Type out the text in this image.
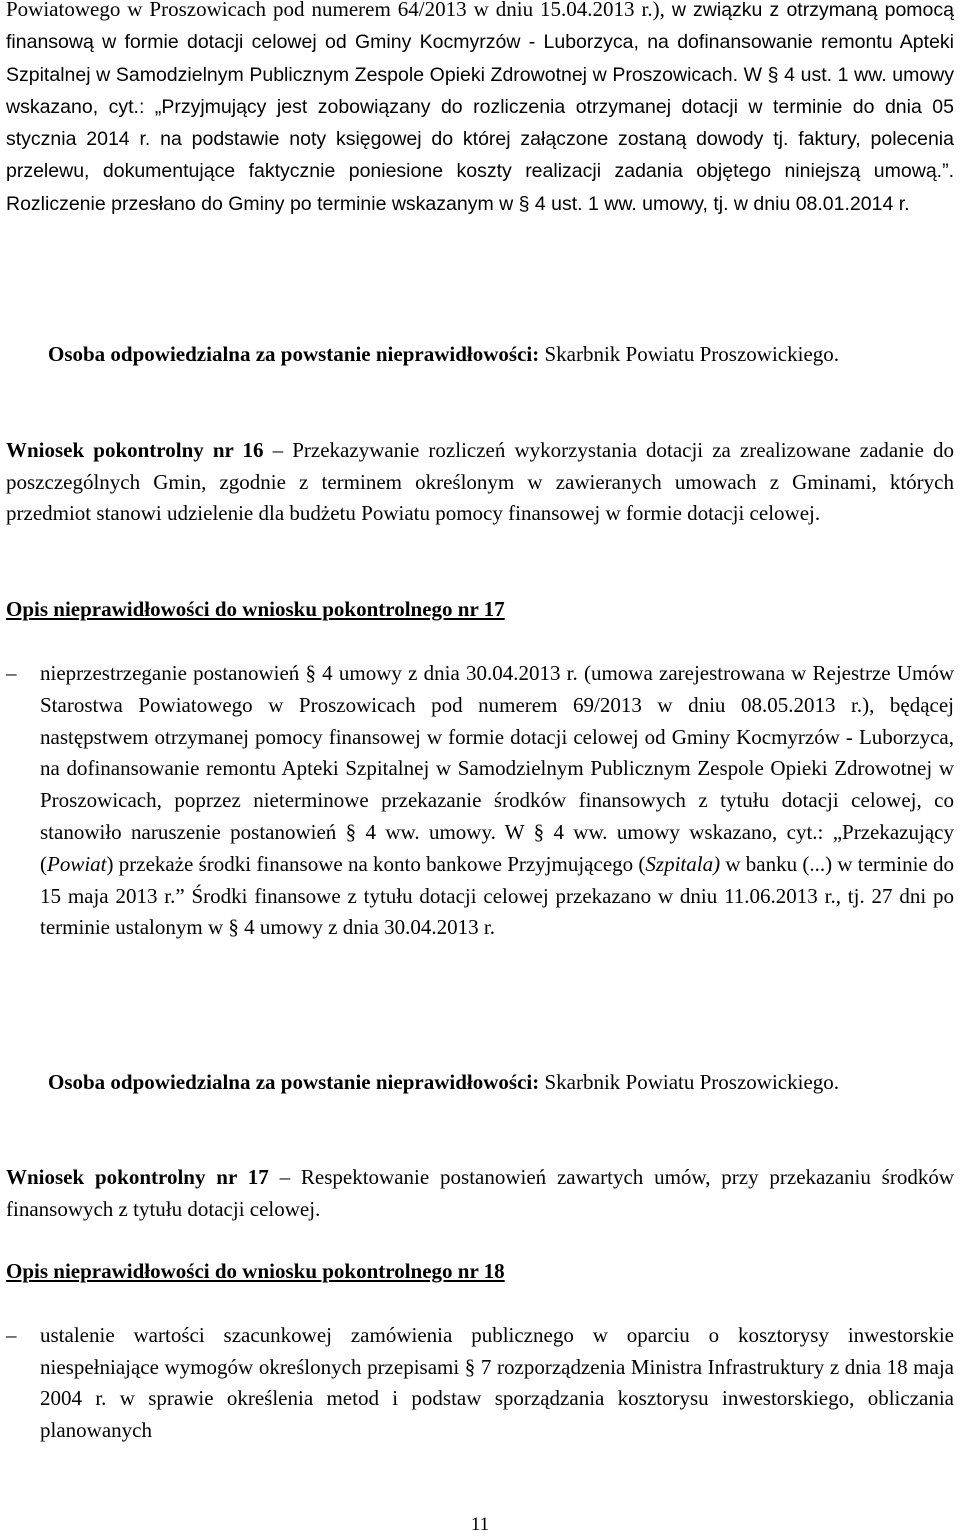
Powiatowego w Proszowicach pod numerem 64/2013 w dniu 15.04.2013 r.), w związku z otrzymaną pomocą finansową w formie dotacji celowej od Gminy Kocmyrzów - Luborzyca, na dofinansowanie remontu Apteki Szpitalnej w Samodzielnym Publicznym Zespole Opieki Zdrowotnej w Proszowicach. W § 4 ust. 1 ww. umowy wskazano, cyt.: „Przyjmujący jest zobowiązany do rozliczenia otrzymanej dotacji w terminie do dnia 05 stycznia 2014 r. na podstawie noty księgowej do której załączone zostaną dowody tj. faktury, polecenia przelewu, dokumentujące faktycznie poniesione koszty realizacji zadania objętego niniejszą umową.”. Rozliczenie przesłano do Gminy po terminie wskazanym w § 4 ust. 1 ww. umowy, tj. w dniu 08.01.2014 r.

Osoba odpowiedzialna za powstanie nieprawidłowości: Skarbnik Powiatu Proszowickiego.

Wniosek pokontrolny nr 16 – Przekazywanie rozliczeń wykorzystania dotacji za zrealizowane zadanie do poszczególnych Gmin, zgodnie z terminem określonym w zawieranych umowach z Gminami, których przedmiot stanowi udzielenie dla budżetu Powiatu pomocy finansowej w formie dotacji celowej.

Opis nieprawidłowości do wniosku pokontrolnego nr 17

– nieprzestrzeganie postanowień § 4 umowy z dnia 30.04.2013 r. (umowa zarejestrowana w Rejestrze Umów Starostwa Powiatowego w Proszowicach pod numerem 69/2013 w dniu 08.05.2013 r.), będącej następstwem otrzymanej pomocy finansowej w formie dotacji celowej od Gminy Kocmyrzów - Luborzyca, na dofinansowanie remontu Apteki Szpitalnej w Samodzielnym Publicznym Zespole Opieki Zdrowotnej w Proszowicach, poprzez nieterminowe przekazanie środków finansowych z tytułu dotacji celowej, co stanowiło naruszenie postanowień § 4 ww. umowy. W § 4 ww. umowy wskazano, cyt.: „Przekazujący (Powiat) przekaże środki finansowe na konto bankowe Przyjmującego (Szpitala) w banku (...) w terminie do 15 maja 2013 r.” Środki finansowe z tytułu dotacji celowej przekazano w dniu 11.06.2013 r., tj. 27 dni po terminie ustalonym w § 4 umowy z dnia 30.04.2013 r.

Osoba odpowiedzialna za powstanie nieprawidłowości: Skarbnik Powiatu Proszowickiego.

Wniosek pokontrolny nr 17 – Respektowanie postanowień zawartych umów, przy przekazaniu środków finansowych z tytułu dotacji celowej.

Opis nieprawidłowości do wniosku pokontrolnego nr 18

– ustalenie wartości szacunkowej zamówienia publicznego w oparciu o kosztorysy inwestorskie niespełniające wymogów określonych przepisami § 7 rozporządzenia Ministra Infrastruktury z dnia 18 maja 2004 r. w sprawie określenia metod i podstaw sporządzania kosztorysu inwestorskiego, obliczania planowanych

11
